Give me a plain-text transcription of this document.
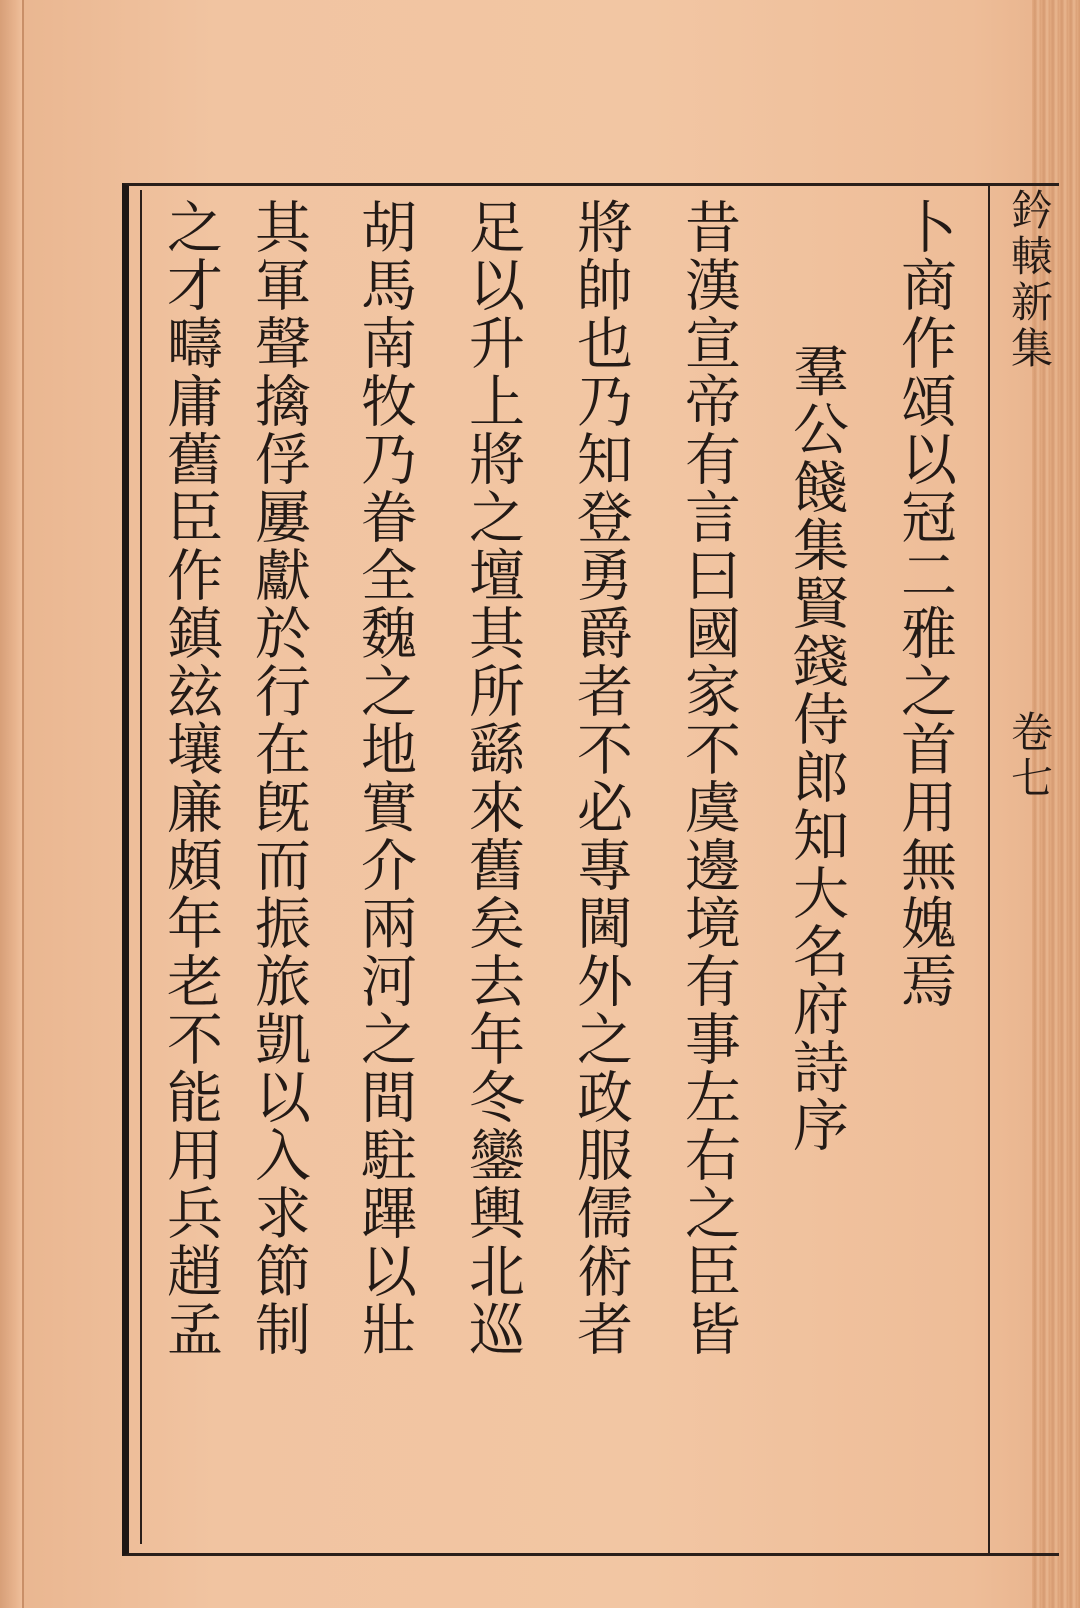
鈐轅新集
卷七
卜商作頌以冠二雅之首用無媿焉
羣公餞集賢錢侍郎知大名府詩序
昔漢宣帝有言曰國家不虞邊境有事左右之臣皆
將帥也乃知登勇爵者不必專閫外之政服儒術者
足以升上將之壇其所繇來舊矣去年冬鑾輿北巡
胡馬南牧乃眷全魏之地實介兩河之間駐蹕以壯
其軍聲擒俘屢獻於行在旣而振旅凱以入求節制
之才疇庸舊臣作鎮玆壤廉頗年老不能用兵趙孟
